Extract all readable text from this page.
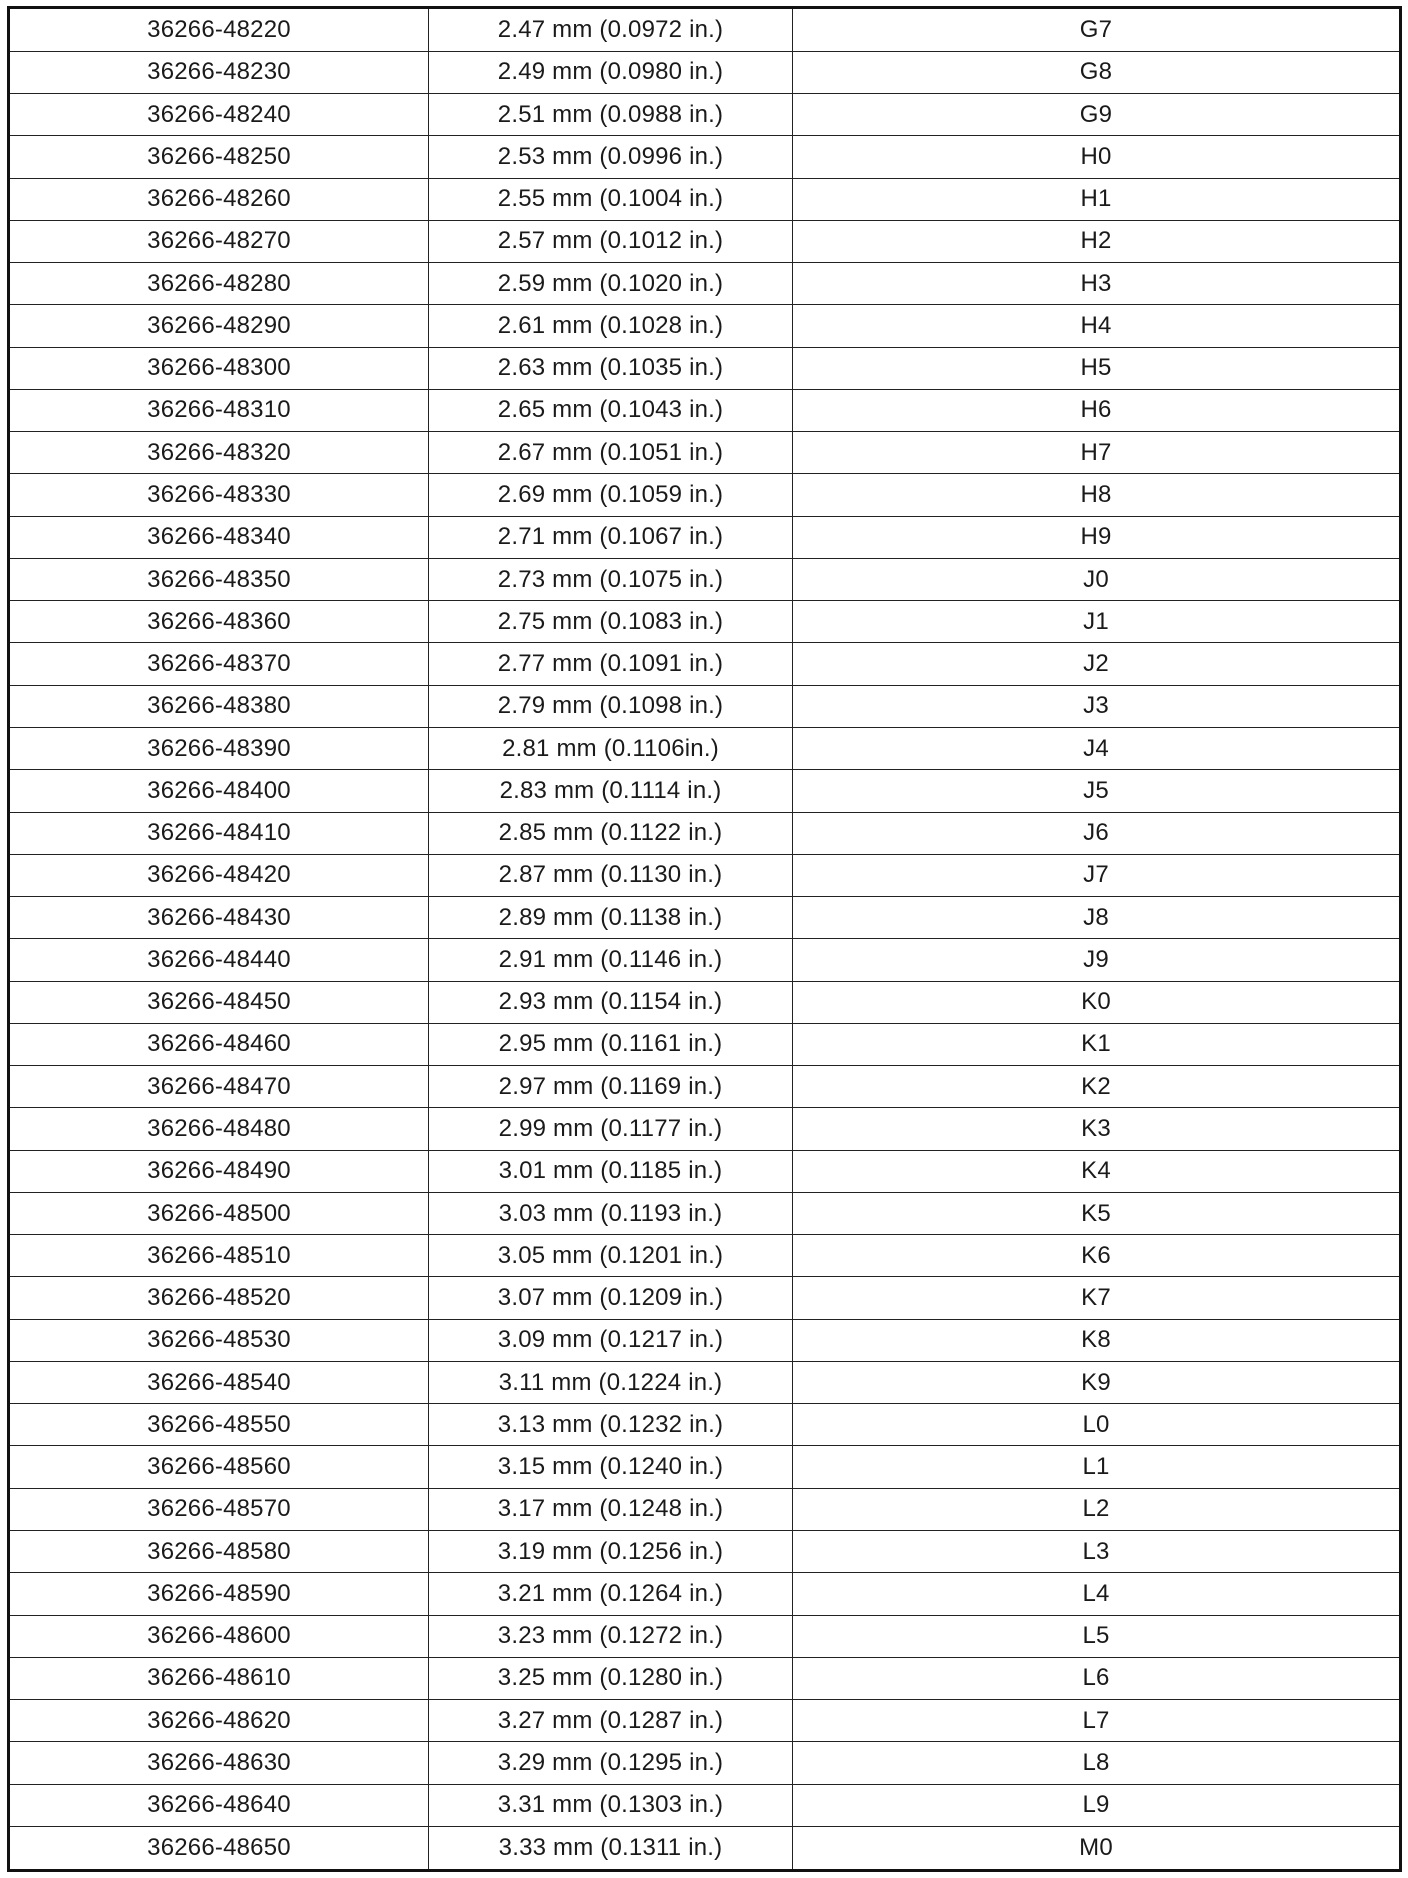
36266-48220	2.47 mm (0.0972 in.)	G7
36266-48230	2.49 mm (0.0980 in.)	G8
36266-48240	2.51 mm (0.0988 in.)	G9
36266-48250	2.53 mm (0.0996 in.)	H0
36266-48260	2.55 mm (0.1004 in.)	H1
36266-48270	2.57 mm (0.1012 in.)	H2
36266-48280	2.59 mm (0.1020 in.)	H3
36266-48290	2.61 mm (0.1028 in.)	H4
36266-48300	2.63 mm (0.1035 in.)	H5
36266-48310	2.65 mm (0.1043 in.)	H6
36266-48320	2.67 mm (0.1051 in.)	H7
36266-48330	2.69 mm (0.1059 in.)	H8
36266-48340	2.71 mm (0.1067 in.)	H9
36266-48350	2.73 mm (0.1075 in.)	J0
36266-48360	2.75 mm (0.1083 in.)	J1
36266-48370	2.77 mm (0.1091 in.)	J2
36266-48380	2.79 mm (0.1098 in.)	J3
36266-48390	2.81 mm (0.1106in.)	J4
36266-48400	2.83 mm (0.1114 in.)	J5
36266-48410	2.85 mm (0.1122 in.)	J6
36266-48420	2.87 mm (0.1130 in.)	J7
36266-48430	2.89 mm (0.1138 in.)	J8
36266-48440	2.91 mm (0.1146 in.)	J9
36266-48450	2.93 mm (0.1154 in.)	K0
36266-48460	2.95 mm (0.1161 in.)	K1
36266-48470	2.97 mm (0.1169 in.)	K2
36266-48480	2.99 mm (0.1177 in.)	K3
36266-48490	3.01 mm (0.1185 in.)	K4
36266-48500	3.03 mm (0.1193 in.)	K5
36266-48510	3.05 mm (0.1201 in.)	K6
36266-48520	3.07 mm (0.1209 in.)	K7
36266-48530	3.09 mm (0.1217 in.)	K8
36266-48540	3.11 mm (0.1224 in.)	K9
36266-48550	3.13 mm (0.1232 in.)	L0
36266-48560	3.15 mm (0.1240 in.)	L1
36266-48570	3.17 mm (0.1248 in.)	L2
36266-48580	3.19 mm (0.1256 in.)	L3
36266-48590	3.21 mm (0.1264 in.)	L4
36266-48600	3.23 mm (0.1272 in.)	L5
36266-48610	3.25 mm (0.1280 in.)	L6
36266-48620	3.27 mm (0.1287 in.)	L7
36266-48630	3.29 mm (0.1295 in.)	L8
36266-48640	3.31 mm (0.1303 in.)	L9
36266-48650	3.33 mm (0.1311 in.)	M0
